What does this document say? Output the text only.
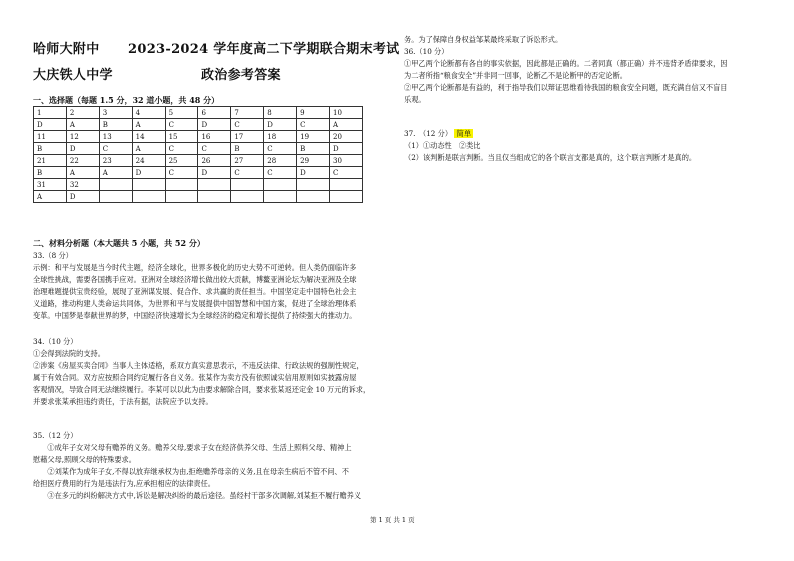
哈师大附中 2023-2024 学年度高二下学期联合期末考试
大庆铁人中学	政治参考答案
一、选择题（每题 1.5 分，32 道小题，共 48 分）
1	2	3	4	5	6	7	8	9	10
D	A	B	A	C	D	C	D	C	A
11	12	13	14	15	16	17	18	19	20
B	D	C	A	C	C	B	C	B	D
21	22	23	24	25	26	27	28	29	30
B	A	A	D	C	D	C	C	D	C
31	32								
A	D								
二、材料分析题（本大题共 5 小题，共 52 分）
33.（8 分）
示例：和平与发展是当今时代主题，经济全球化，世界多极化的历史大势不可逆转。但人类仍面临许多
全球性挑战，需要各国携手应对。亚洲对全球经济增长做出较大贡献，博鳌亚洲论坛为解决亚洲及全球
治理难题提供宝贵经验，展现了亚洲谋发展、促合作、求共赢的责任担当。中国坚定走中国特色社会主
义道路，推动构建人类命运共同体，为世界和平与发展提供中国智慧和中国方案，促进了全球治理体系
变革。中国梦是奉献世界的梦，中国经济快速增长为全球经济的稳定和增长提供了持续强大的推动力。
34.（10 分）
①会得到法院的支持。
②涉案《房屋买卖合同》当事人主体适格，系双方真实意思表示，不违反法律、行政法规的强制性规定，
属于有效合同。双方应按照合同约定履行各自义务。张某作为卖方没有依照诚实信用原则如实披露房屋
客观情况，导致合同无法继续履行。李某可以以此为由要求解除合同，要求张某返还定金 10 万元的诉求，
并要求张某承担违约责任，于法有据，法院应予以支持。
35.（12 分）
　　①成年子女对父母有赡养的义务。赡养父母,要求子女在经济供养父母、生活上照料父母、精神上
慰藉父母,照顾父母的特殊要求。
　　②刘某作为成年子女,不得以放弃继承权为由,拒绝赡养母亲的义务,且在母亲生病后不管不问、不
给担医疗费用的行为是违法行为,应承担相应的法律责任。
　　③在多元的纠纷解决方式中,诉讼是解决纠纷的最后途径。虽经村干部多次调解,刘某拒不履行赡养义
务。为了保障自身权益邹某最终采取了诉讼形式。
36.（10 分）
①甲乙两个论断都有各自的事实依据，因此都是正确的。二者同真（都正确）并不违背矛盾律要求，因
为二者所指“粮食安全”并非同一回事，论断乙不是论断甲的否定论断。
②甲乙两个论断都是有益的，利于指导我们以辩证思维看待我国的粮食安全问题，既充满自信又不盲目
乐观。
37.　（12 分） 简单
（1）①动态性　②类比
（2）该判断是联言判断。当且仅当组成它的各个联言支都是真的，这个联言判断才是真的。
第 1 页 共 1 页
